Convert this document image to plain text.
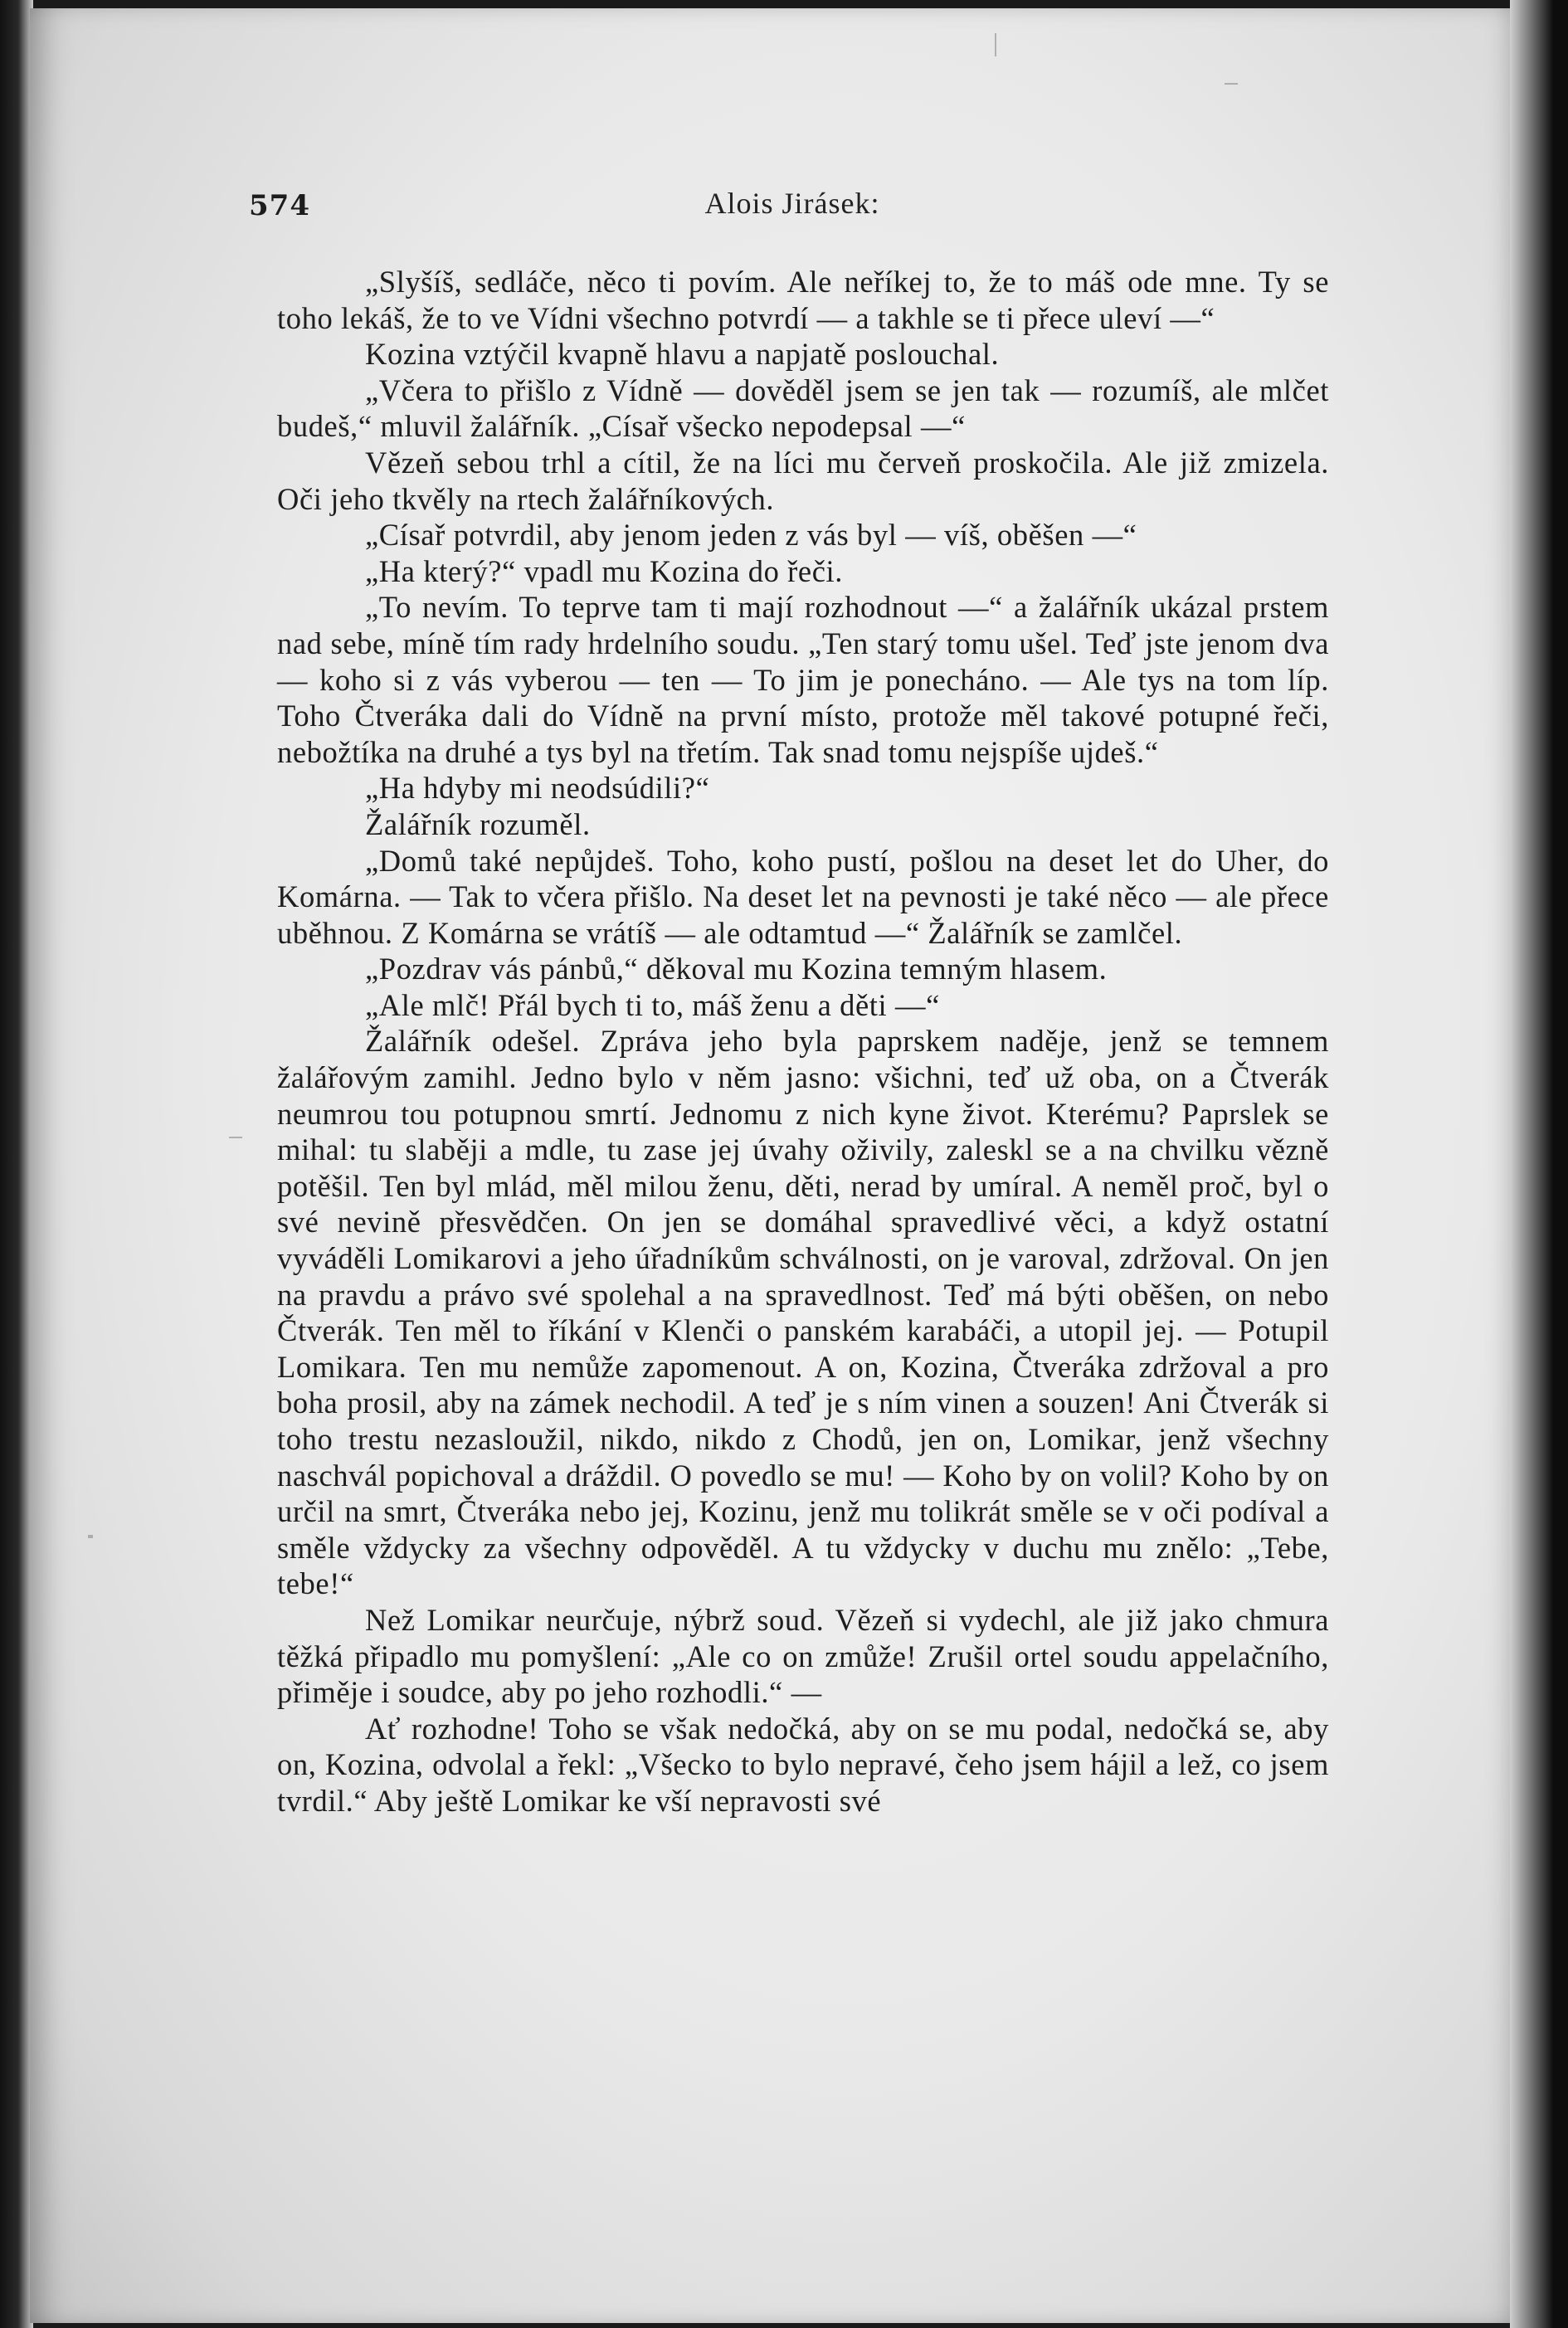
574	Alois Jirásek:

„Slyšíš, sedláče, něco ti povím. Ale neříkej to, že to máš ode mne. Ty se toho lekáš, že to ve Vídni všechno potvrdí — a takhle se ti přece uleví —“

Kozina vztýčil kvapně hlavu a napjatě poslouchal.

„Včera to přišlo z Vídně — dověděl jsem se jen tak — rozumíš, ale mlčet budeš,“ mluvil žalářník. „Císař všecko nepodepsal —“

Vězeň sebou trhl a cítil, že na líci mu červeň proskočila. Ale již zmizela. Oči jeho tkvěly na rtech žalářníkových.

„Císař potvrdil, aby jenom jeden z vás byl — víš, oběšen —“

„Ha který?“ vpadl mu Kozina do řeči.

„To nevím. To teprve tam ti mají rozhodnout —“ a žalářník ukázal prstem nad sebe, míně tím rady hrdelního soudu. „Ten starý tomu ušel. Teď jste jenom dva — koho si z vás vyberou — ten — To jim je ponecháno. — Ale tys na tom líp. Toho Čtveráka dali do Vídně na první místo, protože měl takové potupné řeči, nebožtíka na druhé a tys byl na třetím. Tak snad tomu nejspíše ujdeš.“

„Ha hdyby mi neodsúdili?“

Žalářník rozuměl.

„Domů také nepůjdeš. Toho, koho pustí, pošlou na deset let do Uher, do Komárna. — Tak to včera přišlo. Na deset let na pevnosti je také něco — ale přece uběhnou. Z Komárna se vrátíš — ale odtamtud —“ Žalářník se zamlčel.

„Pozdrav vás pánbů,“ děkoval mu Kozina temným hlasem.

„Ale mlč! Přál bych ti to, máš ženu a děti —“

Žalářník odešel. Zpráva jeho byla paprskem naděje, jenž se temnem žalářovým zamihl. Jedno bylo v něm jasno: všichni, teď už oba, on a Čtverák neumrou tou potupnou smrtí. Jednomu z nich kyne život. Kterému? Paprslek se mihal: tu slaběji a mdle, tu zase jej úvahy oživily, zaleskl se a na chvilku vězně potěšil. Ten byl mlád, měl milou ženu, děti, nerad by umíral. A neměl proč, byl o své nevině přesvědčen. On jen se domáhal spravedlivé věci, a když ostatní vyváděli Lomikarovi a jeho úřadníkům schválnosti, on je varoval, zdržoval. On jen na pravdu a právo své spolehal a na spravedlnost. Teď má býti oběšen, on nebo Čtverák. Ten měl to říkání v Klenči o panském karabáči, a utopil jej. — Potupil Lomikara. Ten mu nemůže zapomenout. A on, Kozina, Čtveráka zdržoval a pro boha prosil, aby na zámek nechodil. A teď je s ním vinen a souzen! Ani Čtverák si toho trestu nezasloužil, nikdo, nikdo z Chodů, jen on, Lomikar, jenž všechny naschvál popichoval a dráždil. O povedlo se mu! — Koho by on volil? Koho by on určil na smrt, Čtveráka nebo jej, Kozinu, jenž mu tolikrát směle se v oči podíval a směle vždycky za všechny odpověděl. A tu vždycky v duchu mu znělo: „Tebe, tebe!“

Než Lomikar neurčuje, nýbrž soud. Vězeň si vydechl, ale již jako chmura těžká připadlo mu pomyšlení: „Ale co on zmůže! Zrušil ortel soudu appelačního, přiměje i soudce, aby po jeho rozhodli.“ —

Ať rozhodne! Toho se však nedočká, aby on se mu podal, nedočká se, aby on, Kozina, odvolal a řekl: „Všecko to bylo nepravé, čeho jsem hájil a lež, co jsem tvrdil.“ Aby ještě Lomikar ke vší nepravosti své
